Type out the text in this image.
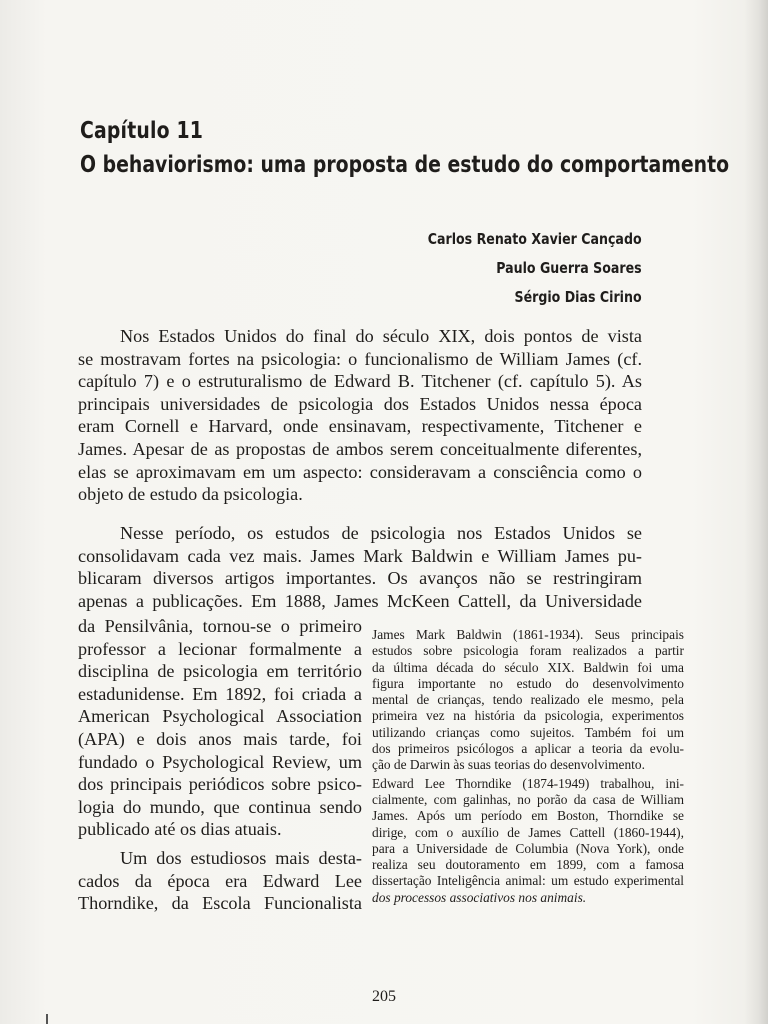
Capítulo 11
O behaviorismo: uma proposta de estudo do comportamento
Carlos Renato Xavier Cançado
Paulo Guerra Soares
Sérgio Dias Cirino
Nos Estados Unidos do final do século XIX, dois pontos de vista
se mostravam fortes na psicologia: o funcionalismo de William James (cf.
capítulo 7) e o estruturalismo de Edward B. Titchener (cf. capítulo 5). As
principais universidades de psicologia dos Estados Unidos nessa época
eram Cornell e Harvard, onde ensinavam, respectivamente, Titchener e
James. Apesar de as propostas de ambos serem conceitualmente diferentes,
elas se aproximavam em um aspecto: consideravam a consciência como o
objeto de estudo da psicologia.
Nesse período, os estudos de psicologia nos Estados Unidos se
consolidavam cada vez mais. James Mark Baldwin e William James pu-
blicaram diversos artigos importantes. Os avanços não se restringiram
apenas a publicações. Em 1888, James McKeen Cattell, da Universidade
da Pensilvânia, tornou-se o primeiro
professor a lecionar formalmente a
disciplina de psicologia em território
estadunidense. Em 1892, foi criada a
American Psychological Association
(APA) e dois anos mais tarde, foi
fundado o Psychological Review, um
dos principais periódicos sobre psico-
logia do mundo, que continua sendo
publicado até os dias atuais.
Um dos estudiosos mais desta-
cados da época era Edward Lee
Thorndike, da Escola Funcionalista
James Mark Baldwin (1861-1934). Seus principais
estudos sobre psicologia foram realizados a partir
da última década do século XIX. Baldwin foi uma
figura importante no estudo do desenvolvimento
mental de crianças, tendo realizado ele mesmo, pela
primeira vez na história da psicologia, experimentos
utilizando crianças como sujeitos. Também foi um
dos primeiros psicólogos a aplicar a teoria da evolu-
ção de Darwin às suas teorias do desenvolvimento.
Edward Lee Thorndike (1874-1949) trabalhou, ini-
cialmente, com galinhas, no porão da casa de William
James. Após um período em Boston, Thorndike se
dirige, com o auxílio de James Cattell (1860-1944),
para a Universidade de Columbia (Nova York), onde
realiza seu doutoramento em 1899, com a famosa
dissertação Inteligência animal: um estudo experimental
dos processos associativos nos animais.
205
